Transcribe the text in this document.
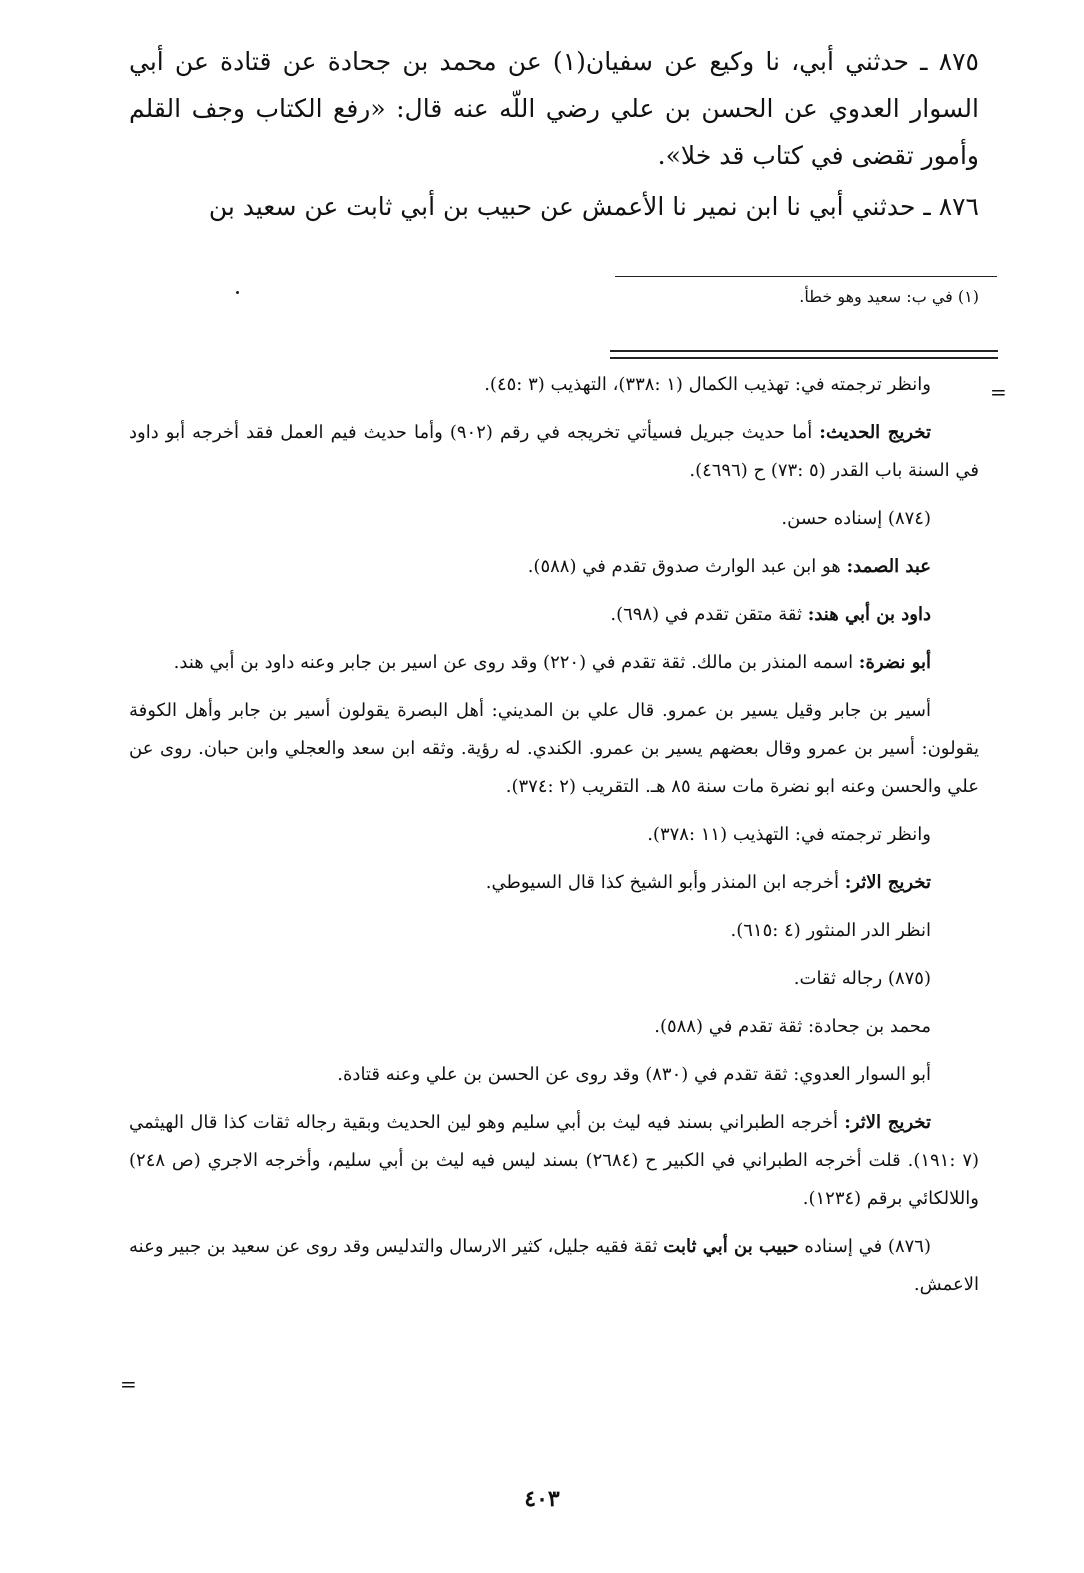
٨٧٥ ـ حدثني أبي، نا وكيع عن سفيان(١) عن محمد بن جحادة عن قتادة عن أبي السوار العدوي عن الحسن بن علي رضي اللّه عنه قال: «رفع الكتاب وجف القلم وأمور تقضى في كتاب قد خلا».

٨٧٦ ـ حدثني أبي نا ابن نمير نا الأعمش عن حبيب بن أبي ثابت عن سعيد بن

(١) في ب: سعيد وهو خطأ.
=

وانظر ترجمته في: تهذيب الكمال (١ :٣٣٨)، التهذيب (٣ :٤٥).

تخريج الحديث: أما حديث جبريل فسيأتي تخريجه في رقم (٩٠٢) وأما حديث فيم العمل فقد أخرجه أبو داود في السنة باب القدر (٥ :٧٣) ح (٤٦٩٦).

(٨٧٤) إسناده حسن.

عبد الصمد: هو ابن عبد الوارث صدوق تقدم في (٥٨٨).

داود بن أبي هند: ثقة متقن تقدم في (٦٩٨).

أبو نضرة: اسمه المنذر بن مالك. ثقة تقدم في (٢٢٠) وقد روى عن اسير بن جابر وعنه داود بن أبي هند.

أسير بن جابر وقيل يسير بن عمرو. قال علي بن المديني: أهل البصرة يقولون أسير بن جابر وأهل الكوفة يقولون: أسير بن عمرو وقال بعضهم يسير بن عمرو. الكندي. له رؤية. وثقه ابن سعد والعجلي وابن حبان. روى عن علي والحسن وعنه ابو نضرة مات سنة ٨٥ هـ. التقريب (٢ :٣٧٤).

وانظر ترجمته في: التهذيب (١١ :٣٧٨).

تخريج الاثر: أخرجه ابن المنذر وأبو الشيخ كذا قال السيوطي.

انظر الدر المنثور (٤ :٦١٥).

(٨٧٥) رجاله ثقات.

محمد بن جحادة: ثقة تقدم في (٥٨٨).

أبو السوار العدوي: ثقة تقدم في (٨٣٠) وقد روى عن الحسن بن علي وعنه قتادة.

تخريج الاثر: أخرجه الطبراني بسند فيه ليث بن أبي سليم وهو لين الحديث وبقية رجاله ثقات كذا قال الهيثمي (٧ :١٩١). قلت أخرجه الطبراني في الكبير ح (٢٦٨٤) بسند ليس فيه ليث بن أبي سليم، وأخرجه الاجري (ص ٢٤٨) واللالكائي برقم (١٢٣٤).

(٨٧٦) في إسناده حبيب بن أبي ثابت ثقة فقيه جليل، كثير الارسال والتدليس وقد روى عن سعيد بن جبير وعنه الاعمش.

=
٤٠٣
